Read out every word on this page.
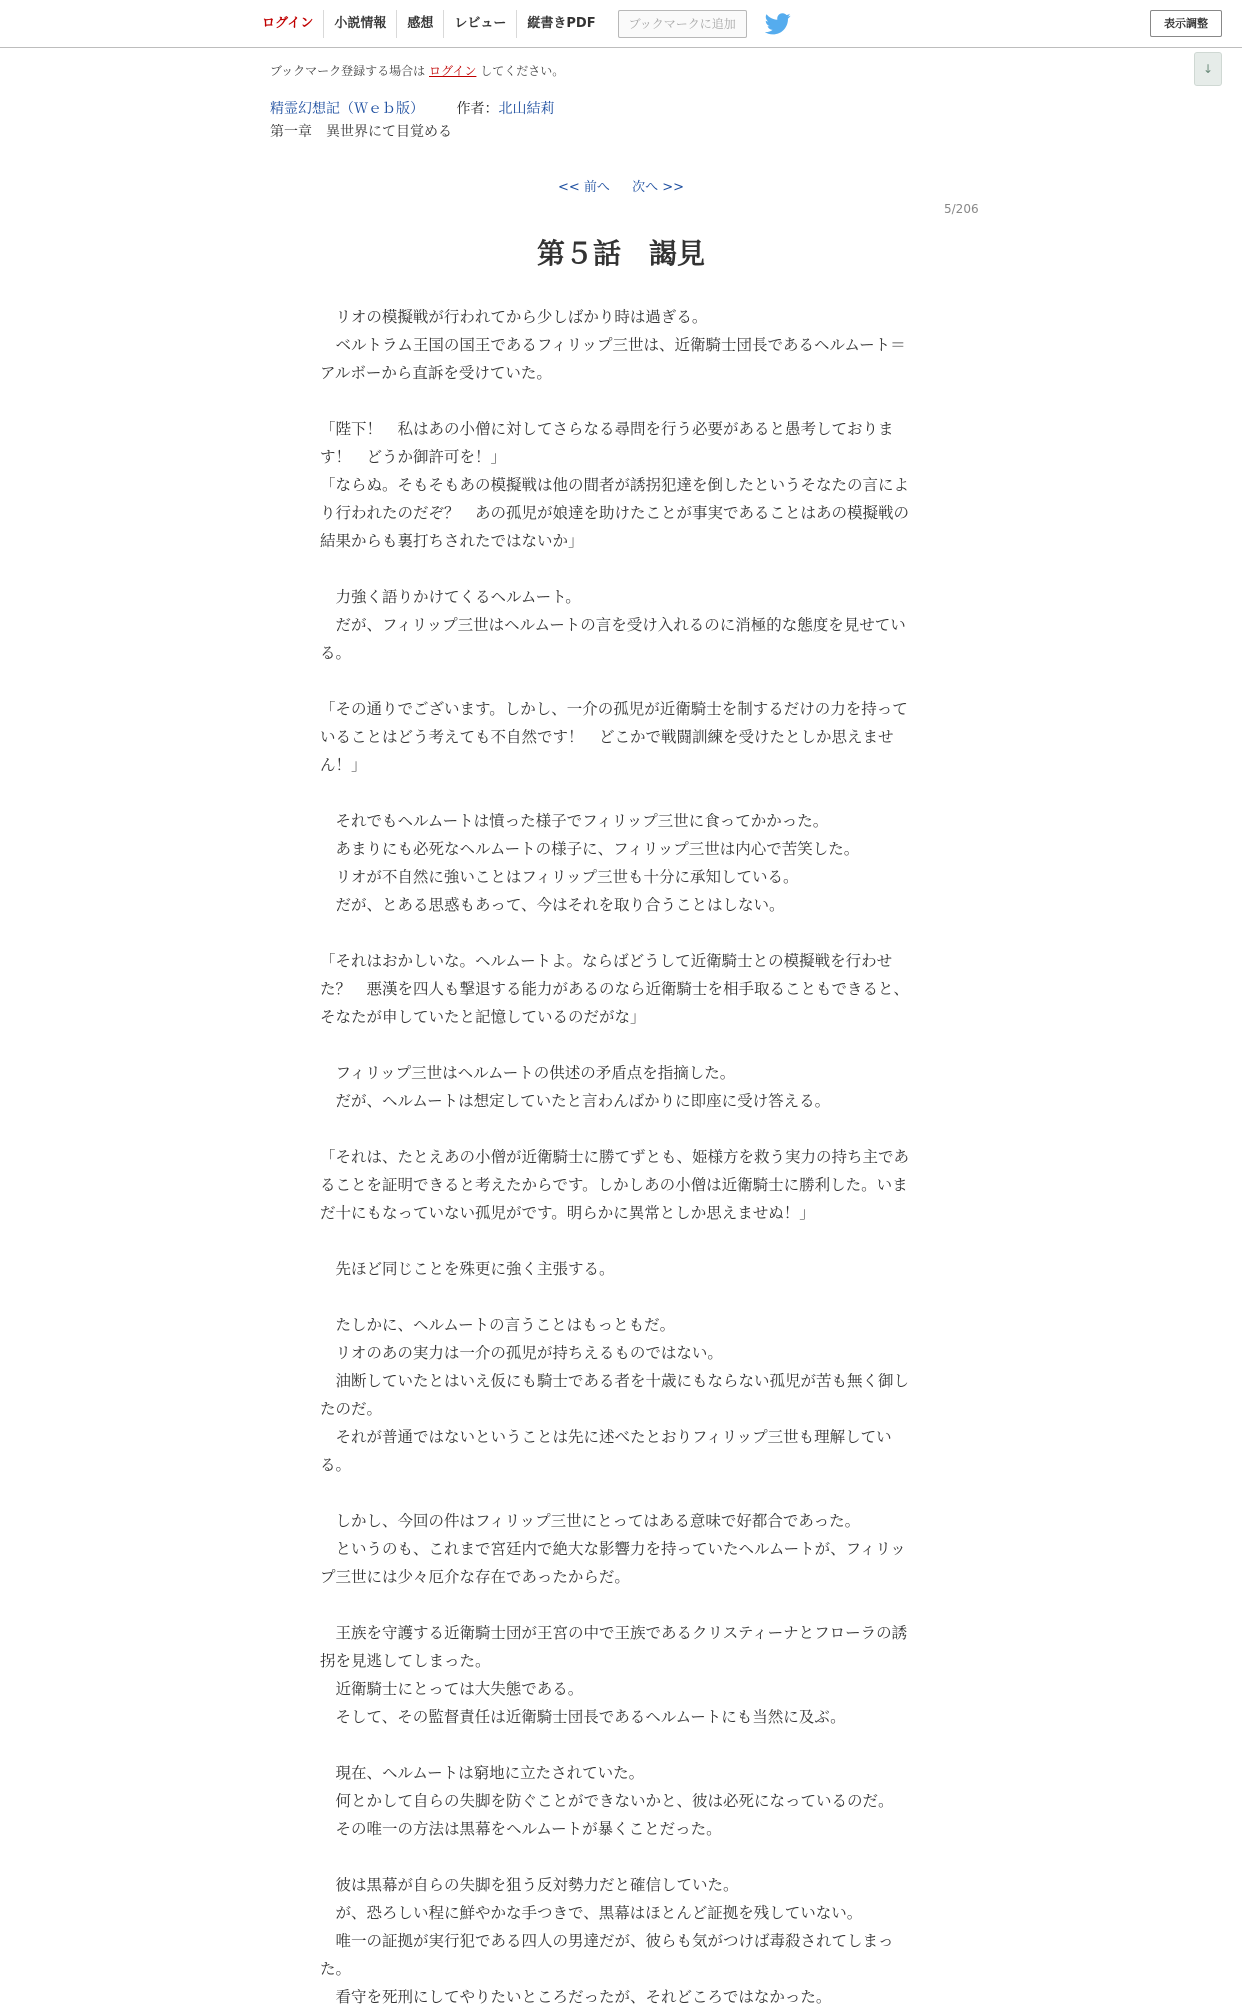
ログイン	小説情報	感想	レビュー	縦書きPDF	ブックマークに追加	表示調整
↓
ブックマーク登録する場合は ログイン してください。
精霊幻想記（Ｗｅｂ版） 作者：北山結莉
第一章　異世界にて目覚める
<< 前へ 次へ >>
5/206
第５話　謁見

　リオの模擬戦が行われてから少しばかり時は過ぎる。

　ベルトラム王国の国王であるフィリップ三世は、近衛騎士団長であるヘルムート＝アルボーから直訴を受けていた。

「陛下！　私はあの小僧に対してさらなる尋問を行う必要があると愚考しております！　どうか御許可を！」

「ならぬ。そもそもあの模擬戦は他の間者が誘拐犯達を倒したというそなたの言により行われたのだぞ？　あの孤児が娘達を助けたことが事実であることはあの模擬戦の結果からも裏打ちされたではないか」

　力強く語りかけてくるヘルムート。

　だが、フィリップ三世はヘルムートの言を受け入れるのに消極的な態度を見せている。

「その通りでございます。しかし、一介の孤児が近衛騎士を制するだけの力を持っていることはどう考えても不自然です！　どこかで戦闘訓練を受けたとしか思えません！」

　それでもヘルムートは憤った様子でフィリップ三世に食ってかかった。

　あまりにも必死なヘルムートの様子に、フィリップ三世は内心で苦笑した。

　リオが不自然に強いことはフィリップ三世も十分に承知している。

　だが、とある思惑もあって、今はそれを取り合うことはしない。

「それはおかしいな。ヘルムートよ。ならばどうして近衛騎士との模擬戦を行わせた？　悪漢を四人も撃退する能力があるのなら近衛騎士を相手取ることもできると、そなたが申していたと記憶しているのだがな」

　フィリップ三世はヘルムートの供述の矛盾点を指摘した。

　だが、ヘルムートは想定していたと言わんばかりに即座に受け答える。

「それは、たとえあの小僧が近衛騎士に勝てずとも、姫様方を救う実力の持ち主であることを証明できると考えたからです。しかしあの小僧は近衛騎士に勝利した。いまだ十にもなっていない孤児がです。明らかに異常としか思えませぬ！」

　先ほど同じことを殊更に強く主張する。

　たしかに、ヘルムートの言うことはもっともだ。

　リオのあの実力は一介の孤児が持ちえるものではない。

　油断していたとはいえ仮にも騎士である者を十歳にもならない孤児が苦も無く御したのだ。

　それが普通ではないということは先に述べたとおりフィリップ三世も理解している。

　しかし、今回の件はフィリップ三世にとってはある意味で好都合であった。

　というのも、これまで宮廷内で絶大な影響力を持っていたヘルムートが、フィリップ三世には少々厄介な存在であったからだ。

　王族を守護する近衛騎士団が王宮の中で王族であるクリスティーナとフローラの誘拐を見逃してしまった。

　近衛騎士にとっては大失態である。

　そして、その監督責任は近衛騎士団長であるヘルムートにも当然に及ぶ。

　現在、ヘルムートは窮地に立たされていた。

　何とかして自らの失脚を防ぐことができないかと、彼は必死になっているのだ。

　その唯一の方法は黒幕をヘルムートが暴くことだった。

　彼は黒幕が自らの失脚を狙う反対勢力だと確信していた。

　が、恐ろしい程に鮮やかな手つきで、黒幕はほとんど証拠を残していない。

　唯一の証拠が実行犯である四人の男達だが、彼らも気がつけば毒殺されてしまった。

　看守を死刑にしてやりたいところだったが、それどころではなかった。
